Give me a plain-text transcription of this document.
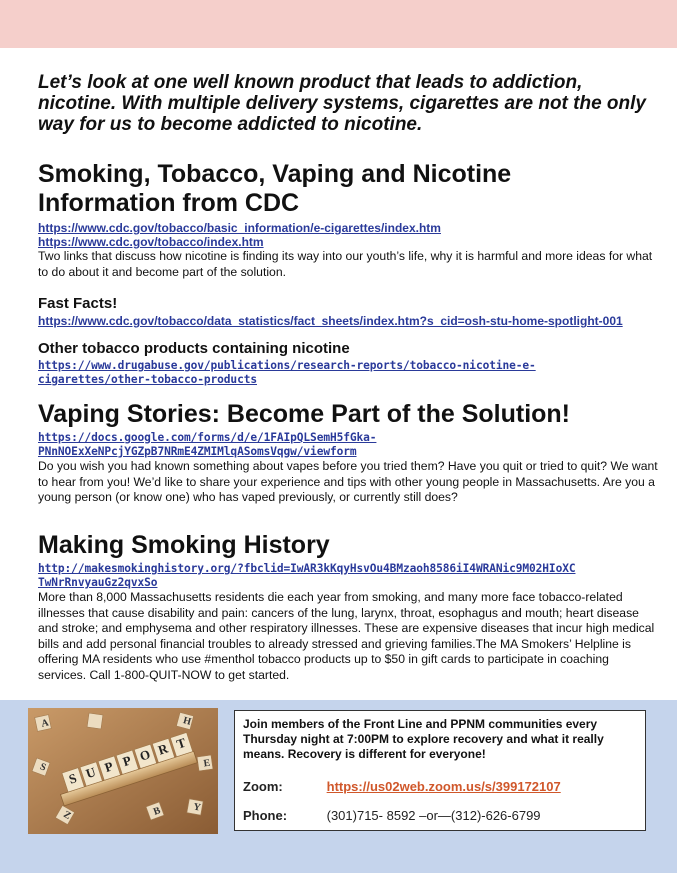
Let’s look at one well known product that leads to addiction, nicotine. With multiple delivery systems, cigarettes are not the only way for us to become addicted to nicotine.

Smoking, Tobacco, Vaping and Nicotine
Information from CDC
https://www.cdc.gov/tobacco/basic_information/e-cigarettes/index.htm
https://www.cdc.gov/tobacco/index.htm

Two links that discuss how nicotine is finding its way into our youth’s life, why it is harmful and more ideas for what to do about it and become part of the solution.

Fast Facts!
https://www.cdc.gov/tobacco/data_statistics/fact_sheets/index.htm?s_cid=osh-stu-home-spotlight-001
Other tobacco products containing nicotine
https://www.drugabuse.gov/publications/research-reports/tobacco-nicotine-e-
cigarettes/other-tobacco-products
Vaping Stories: Become Part of the Solution!
https://docs.google.com/forms/d/e/1FAIpQLSemH5fGka-
PNnNOExXeNPcjYGZpB7NRmE4ZMIMlqASomsVqgw/viewform

Do you wish you had known something about vapes before you tried them? Have you quit or tried to quit? We want to hear from you! We’d like to share your experience and tips with other young people in Massachusetts. Are you a young person (or know one) who has vaped previously, or currently still does?

Making Smoking History
http://makesmokinghistory.org/?fbclid=IwAR3kKqyHsvOu4BMzaoh8586iI4WRANic9M02HIoXC
TwNrRnvyauGz2qvxSo

More than 8,000 Massachusetts residents die each year from smoking, and many more face tobacco-related illnesses that cause disability and pain: cancers of the lung, larynx, throat, esophagus and mouth; heart disease and stroke; and emphysema and other respiratory illnesses. These are expensive diseases that incur high medical bills and add personal financial troubles to already stressed and grieving families.The MA Smokers’ Helpline is offering MA residents who use #menthol tobacco products up to $50 in gift cards to participate in coaching services. Call 1-800-QUIT-NOW to get started.

S U P P O R T
A	H
S	E
Z	B	Y

Join members of the Front Line and PPNM communities every Thursday night at 7:00PM to explore recovery and what it really means. Recovery is different for everyone!

Zoom:	https://us02web.zoom.us/s/399172107
Phone:	(301)715- 8592 –or—(312)-626-6799
